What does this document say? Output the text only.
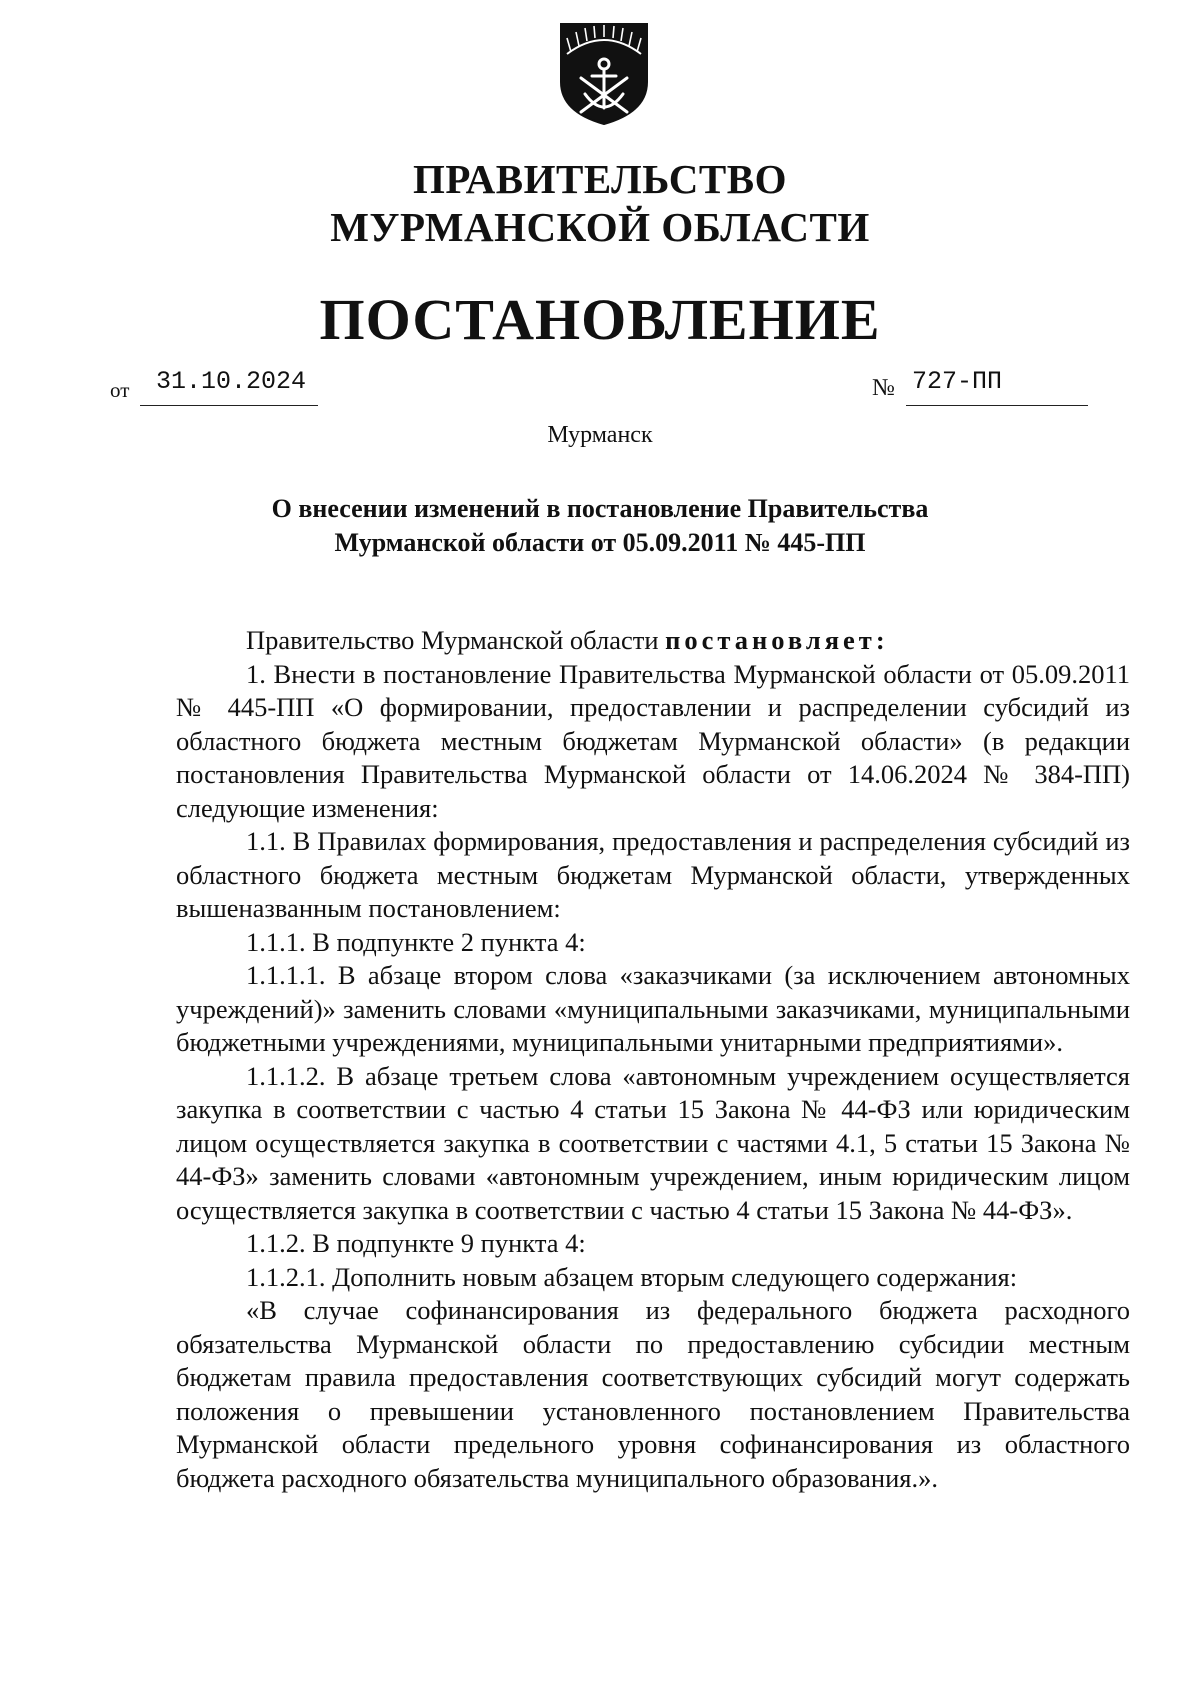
ПРАВИТЕЛЬСТВО
МУРМАНСКОЙ ОБЛАСТИ
ПОСТАНОВЛЕНИЕ
от	31.10.2024	№ 727-ПП
Мурманск
О внесении изменений в постановление Правительства
Мурманской области от 05.09.2011 № 445-ПП

Правительство Мурманской области постановляет:

1. Внести в постановление Правительства Мурманской области от 05.09.2011 № 445-ПП «О формировании, предоставлении и распределении субсидий из областного бюджета местным бюджетам Мурманской области» (в редакции постановления Правительства Мурманской области от 14.06.2024 № 384-ПП) следующие изменения:

1.1. В Правилах формирования, предоставления и распределения субсидий из областного бюджета местным бюджетам Мурманской области, утвержденных вышеназванным постановлением:

1.1.1. В подпункте 2 пункта 4:

1.1.1.1. В абзаце втором слова «заказчиками (за исключением автономных учреждений)» заменить словами «муниципальными заказчиками, муниципальными бюджетными учреждениями, муниципальными унитарными предприятиями».

1.1.1.2. В абзаце третьем слова «автономным учреждением осуществляется закупка в соответствии с частью 4 статьи 15 Закона № 44-ФЗ или юридическим лицом осуществляется закупка в соответствии с частями 4.1, 5 статьи 15 Закона № 44-ФЗ» заменить словами «автономным учреждением, иным юридическим лицом осуществляется закупка в соответствии с частью 4 статьи 15 Закона № 44-ФЗ».

1.1.2. В подпункте 9 пункта 4:

1.1.2.1. Дополнить новым абзацем вторым следующего содержания:

«В случае софинансирования из федерального бюджета расходного обязательства Мурманской области по предоставлению субсидии местным бюджетам правила предоставления соответствующих субсидий могут содержать положения о превышении установленного постановлением Правительства Мурманской области предельного уровня софинансирования из областного бюджета расходного обязательства муниципального образования.».
